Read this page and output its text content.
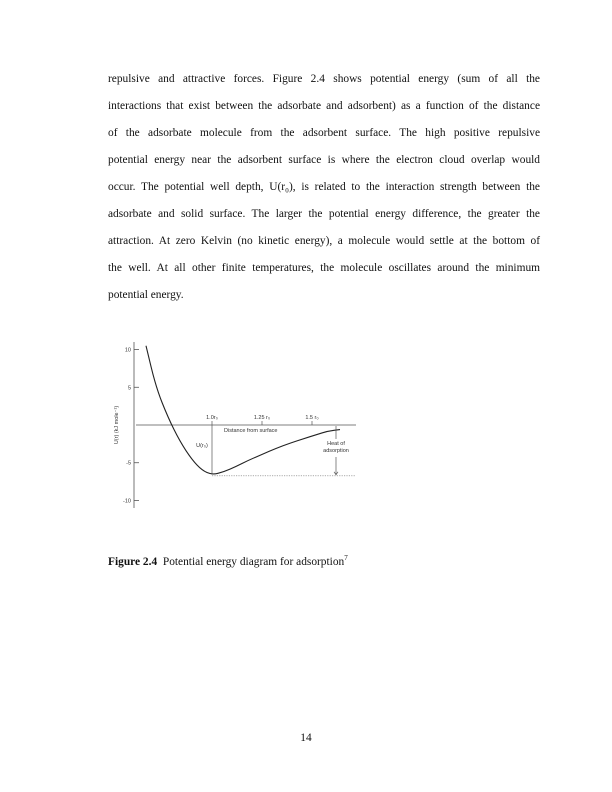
repulsive and attractive forces. Figure 2.4 shows potential energy (sum of all the
interactions that exist between the adsorbate and adsorbent) as a function of the distance
of the adsorbate molecule from the adsorbent surface. The high positive repulsive
potential energy near the adsorbent surface is where the electron cloud overlap would
occur. The potential well depth, U(r₀), is related to the interaction strength between the
adsorbate and solid surface. The larger the potential energy difference, the greater the
attraction. At zero Kelvin (no kinetic energy), a molecule would settle at the bottom of
the well. At all other finite temperatures, the molecule oscillates around the minimum
potential energy.
10
5
-5
-10
U(r) (kJ mole⁻¹)	1.0r₀	1.25 r₀	1.5 r₀
Distance from surface
U(r₀)	Heat of
adsorption
Figure 2.4 Potential energy diagram for adsorption$^7$
14
